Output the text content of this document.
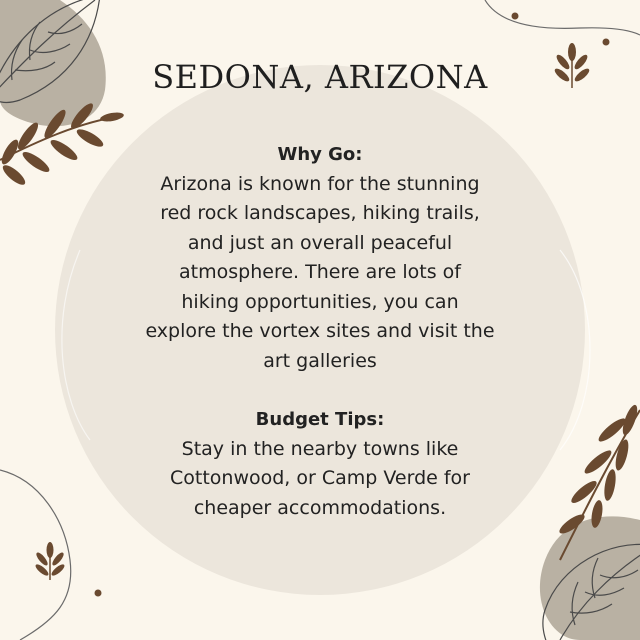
SEDONA, ARIZONA

Why Go:

Arizona is known for the stunning

red rock landscapes, hiking trails,

and just an overall peaceful

atmosphere. There are lots of

hiking opportunities, you can

explore the vortex sites and visit the

art galleries

Budget Tips:

Stay in the nearby towns like

Cottonwood, or Camp Verde for

cheaper accommodations.
